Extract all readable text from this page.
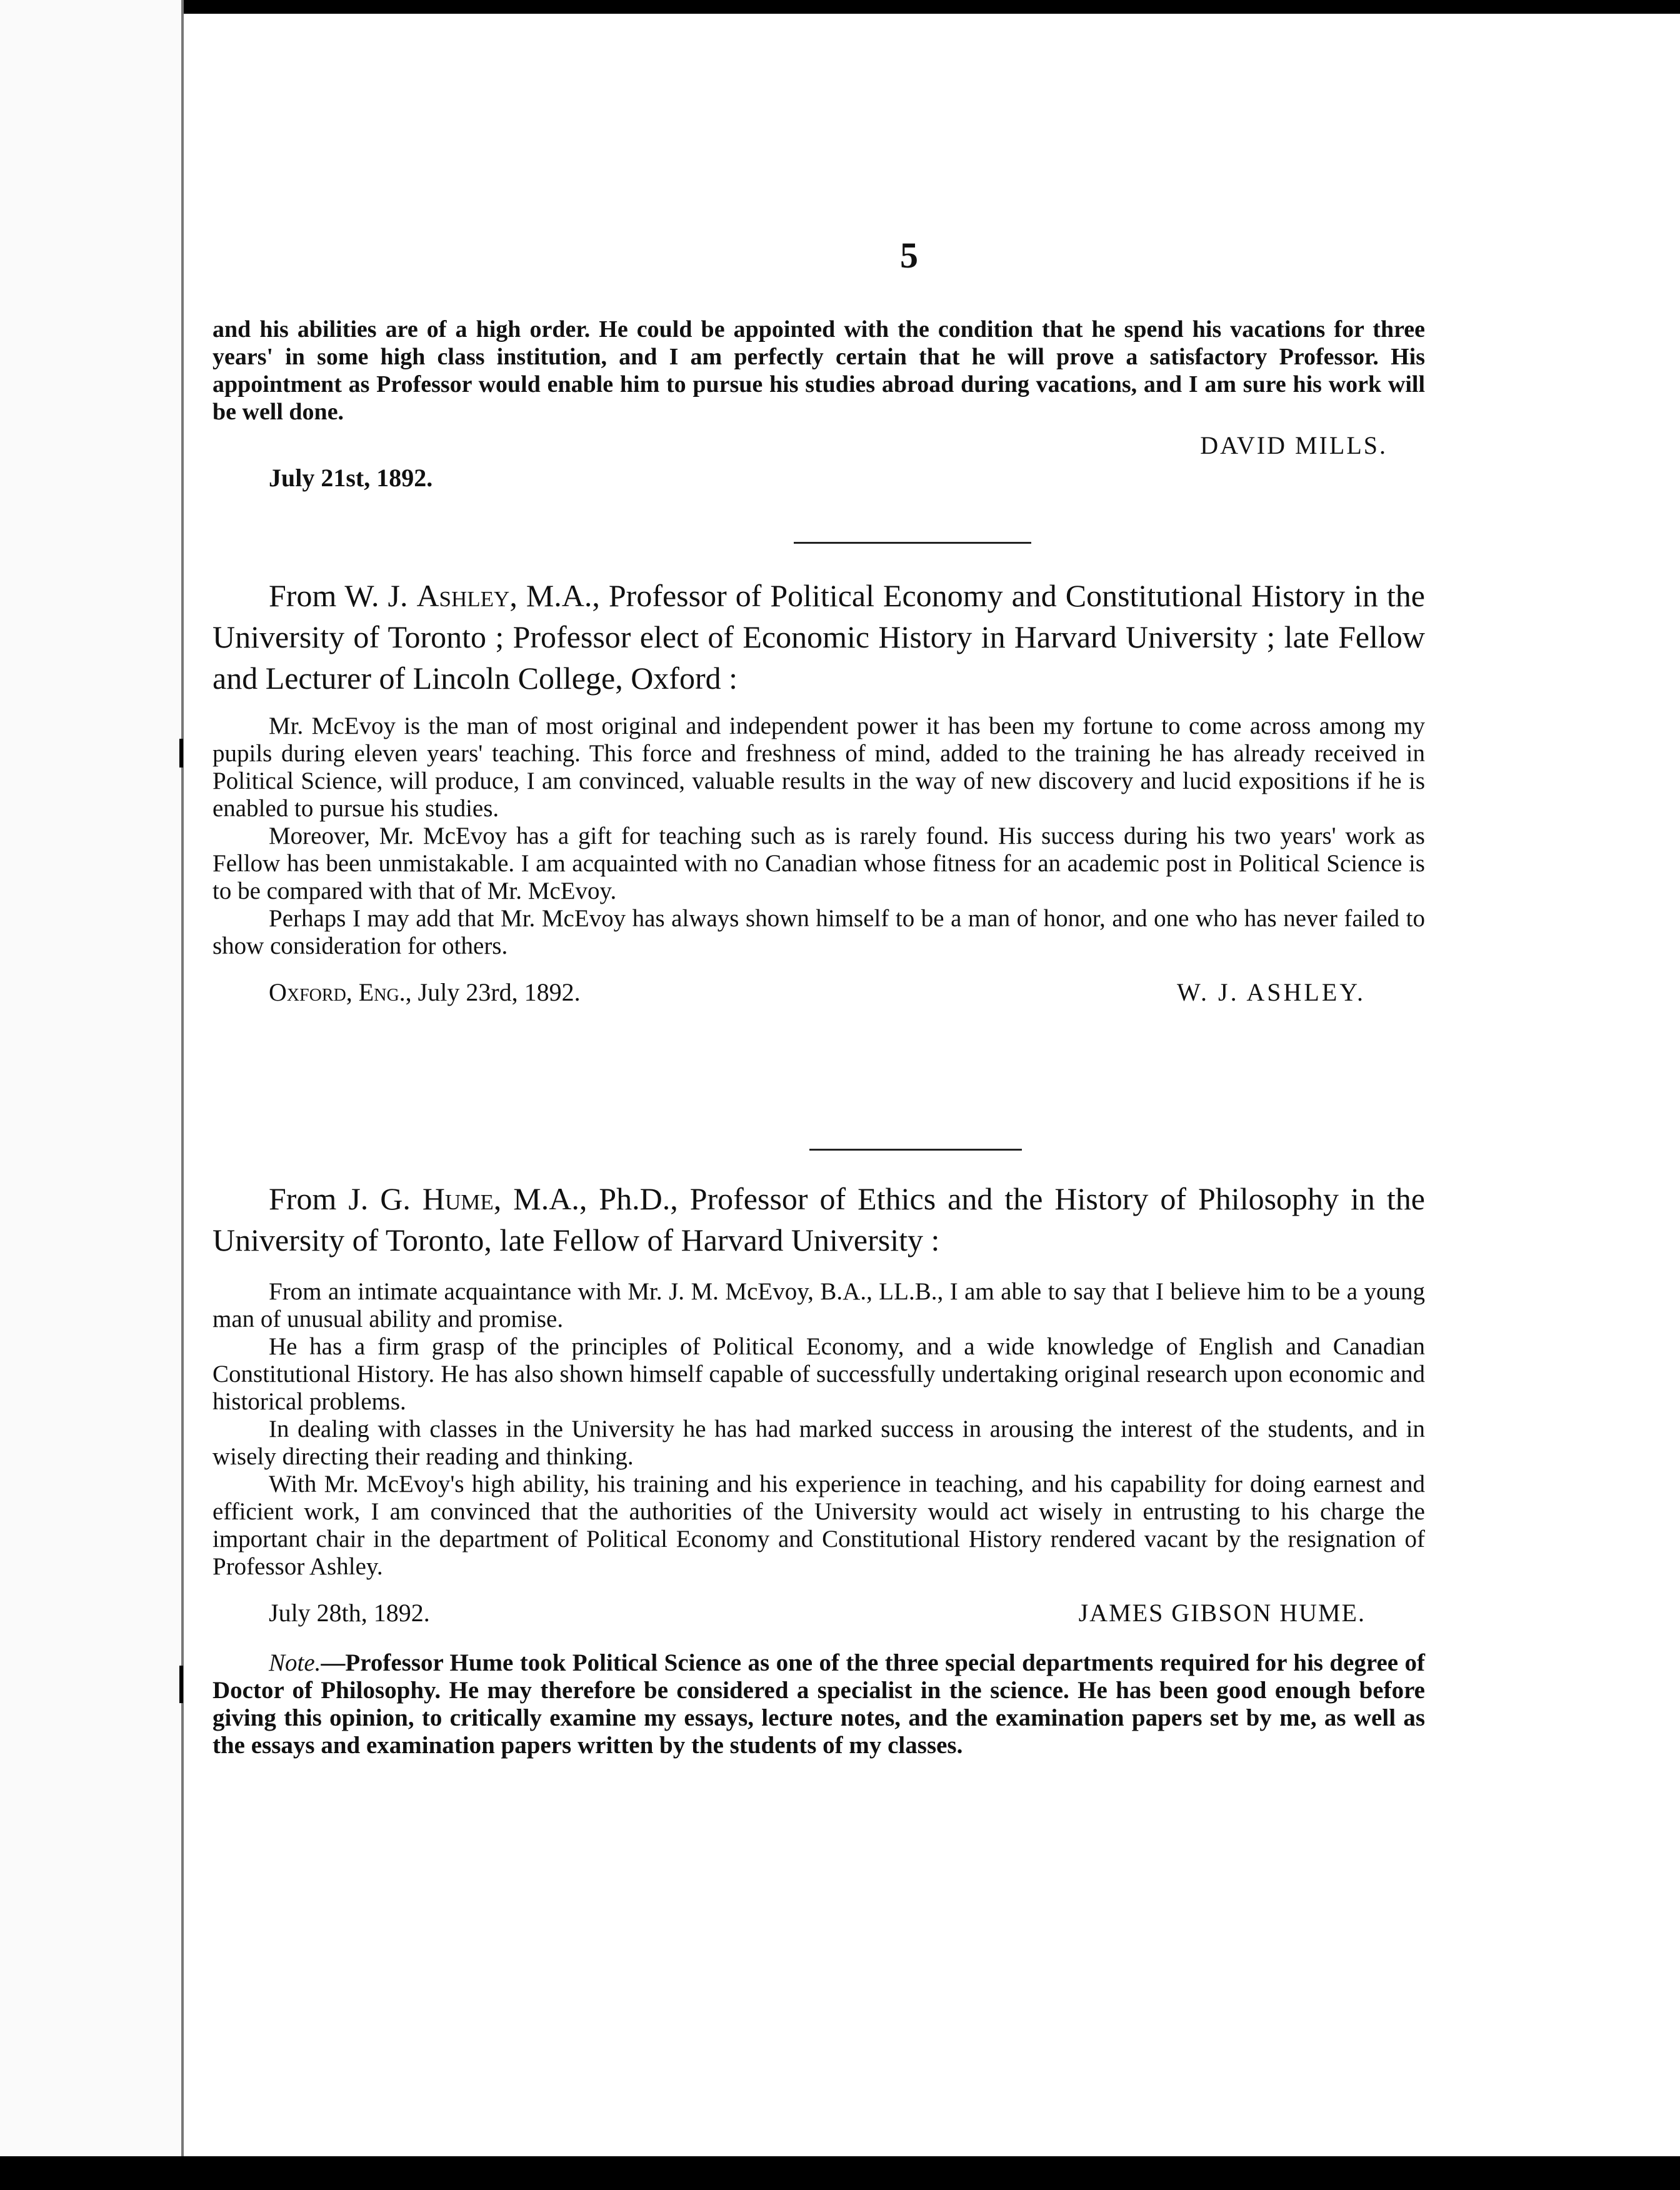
5

and his abilities are of a high order. He could be appointed with the condition that he spend his vacations for three years' in some high class institution, and I am perfectly certain that he will prove a satisfactory Professor. His appointment as Professor would enable him to pursue his studies abroad during vacations, and I am sure his work will be well done.

DAVID MILLS.
July 21st, 1892.

From W. J. Ashley, M.A., Professor of Political Economy and Constitutional History in the University of Toronto ; Professor elect of Economic History in Harvard University ; late Fellow and Lecturer of Lincoln College, Oxford :

Mr. McEvoy is the man of most original and independent power it has been my fortune to come across among my pupils during eleven years' teaching. This force and freshness of mind, added to the training he has already received in Political Science, will produce, I am convinced, valuable results in the way of new discovery and lucid expositions if he is enabled to pursue his studies.

Moreover, Mr. McEvoy has a gift for teaching such as is rarely found. His success during his two years' work as Fellow has been unmistakable. I am acquainted with no Canadian whose fitness for an academic post in Political Science is to be compared with that of Mr. McEvoy.

Perhaps I may add that Mr. McEvoy has always shown himself to be a man of honor, and one who has never failed to show consideration for others.

Oxford, Eng., July 23rd, 1892.	W. J. ASHLEY.

From J. G. Hume, M.A., Ph.D., Professor of Ethics and the History of Philosophy in the University of Toronto, late Fellow of Harvard University :

From an intimate acquaintance with Mr. J. M. McEvoy, B.A., LL.B., I am able to say that I believe him to be a young man of unusual ability and promise.

He has a firm grasp of the principles of Political Economy, and a wide knowledge of English and Canadian Constitutional History. He has also shown himself capable of successfully undertaking original research upon economic and historical problems.

In dealing with classes in the University he has had marked success in arousing the interest of the students, and in wisely directing their reading and thinking.

With Mr. McEvoy's high ability, his training and his experience in teaching, and his capability for doing earnest and efficient work, I am convinced that the authorities of the University would act wisely in entrusting to his charge the important chair in the department of Political Economy and Constitutional History rendered vacant by the resignation of Professor Ashley.

July 28th, 1892.	JAMES GIBSON HUME.

Note.—Professor Hume took Political Science as one of the three special departments required for his degree of Doctor of Philosophy. He may therefore be considered a specialist in the science. He has been good enough before giving this opinion, to critically examine my essays, lecture notes, and the examination papers set by me, as well as the essays and examination papers written by the students of my classes.
